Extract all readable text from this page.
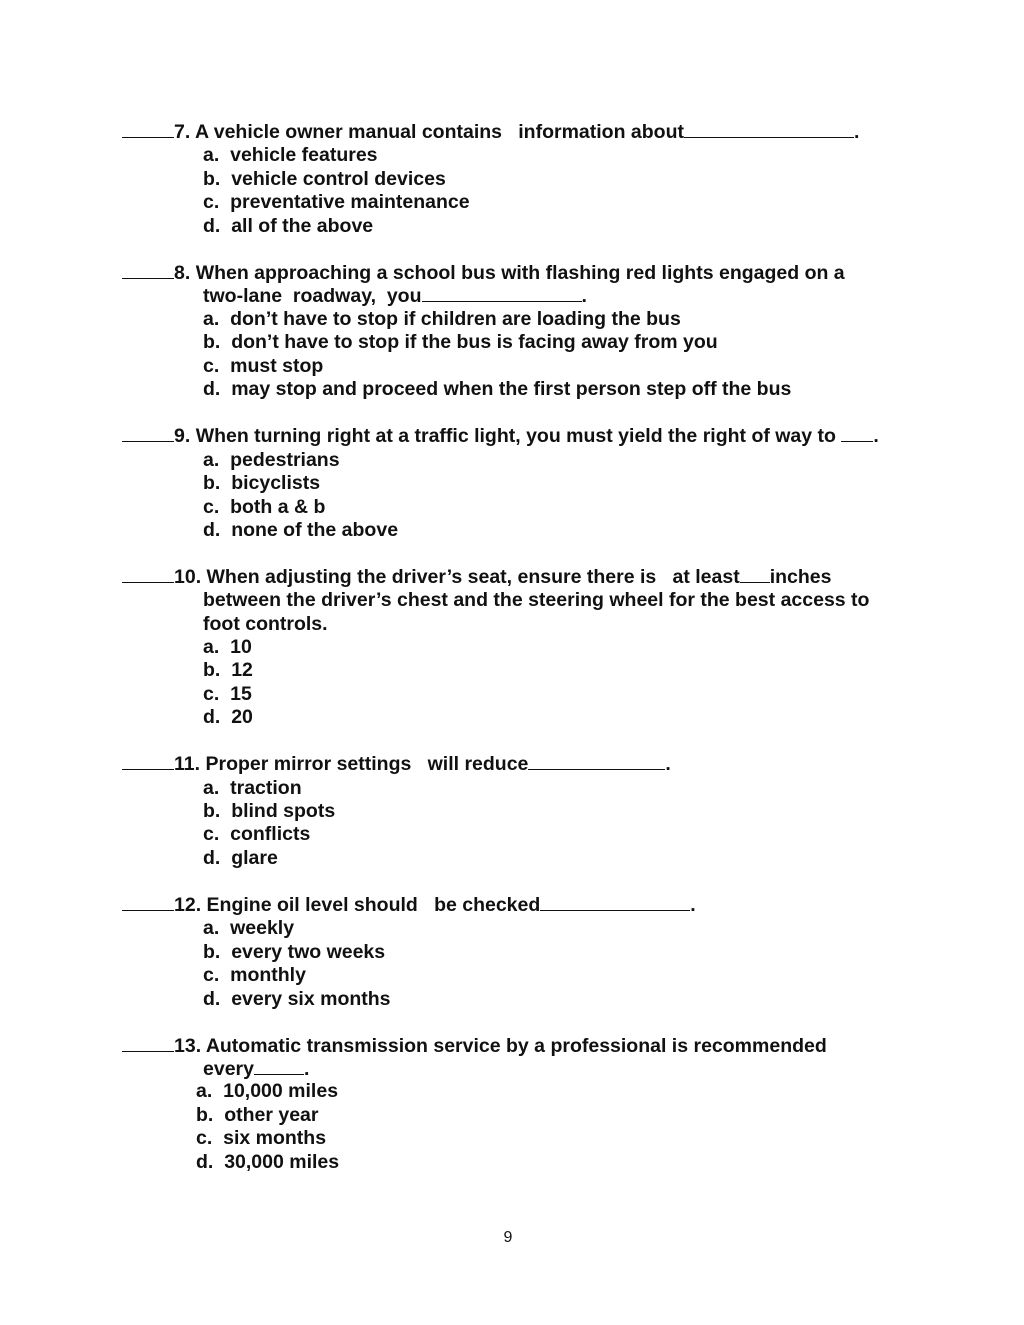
7. A vehicle owner manual contains   information about	.
a. vehicle features
b. vehicle control devices
c. preventative maintenance
d. all of the above
8. When approaching a school bus with flashing red lights engaged on a
two-lane  roadway,  you	.
a. don’t have to stop if children are loading the bus
b. don’t have to stop if the bus is facing away from you
c. must stop
d. may stop and proceed when the first person step off the bus
9. When turning right at a traffic light, you must yield the right of way to .
a. pedestrians
b. bicyclists
c. both a & b
d. none of the above
10. When adjusting the driver’s seat, ensure there is   at least inches
between the driver’s chest and the steering wheel for the best access to
foot controls.
a. 10
b. 12
c. 15
d. 20
11. Proper mirror settings   will reduce	.
a. traction
b. blind spots
c. conflicts
d. glare
12. Engine oil level should   be checked	.
a. weekly
b. every two weeks
c. monthly
d. every six months
13. Automatic transmission service by a professional is recommended
every	.
a. 10,000 miles
b. other year
c. six months
d. 30,000 miles
9
